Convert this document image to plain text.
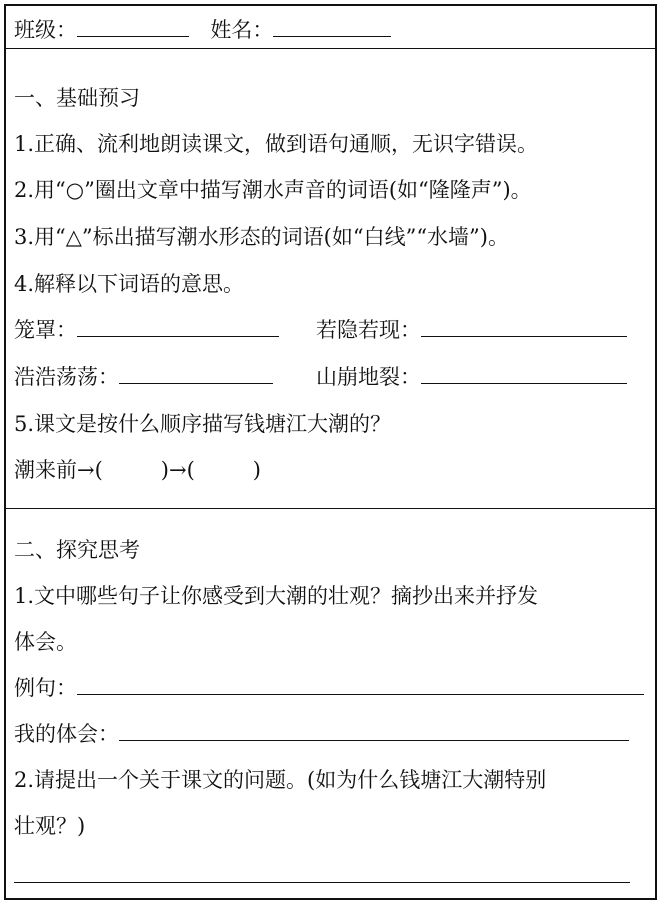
班级：	姓名：
一、基础预习
1.正确、流利地朗读课文，做到语句通顺，无识字错误。
2.用“○”圈出文章中描写潮水声音的词语(如“隆隆声”)。
3.用“△”标出描写潮水形态的词语(如“白线”“水墙”)。
4.解释以下词语的意思。
笼罩：	若隐若现：
浩浩荡荡：	山崩地裂：
5.课文是按什么顺序描写钱塘江大潮的？
潮来前→(	)→(	)
二、探究思考
1.文中哪些句子让你感受到大潮的壮观？摘抄出来并抒发
体会。
例句：
我的体会：
2.请提出一个关于课文的问题。(如为什么钱塘江大潮特别
壮观？)
